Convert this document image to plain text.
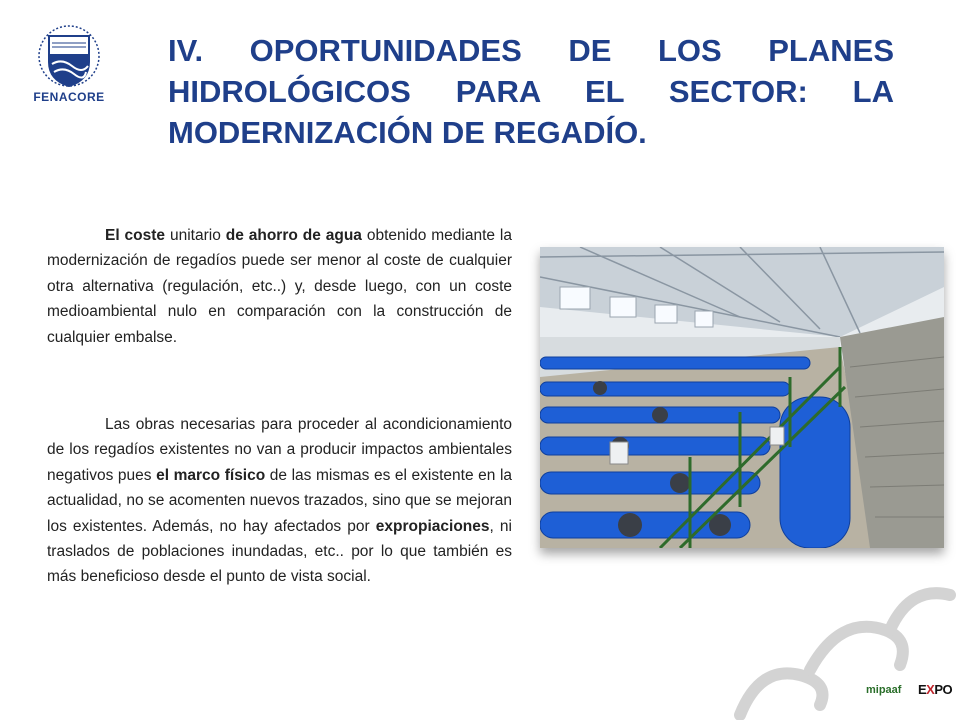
FENACORE
IV. OPORTUNIDADES DE LOS PLANES HIDROLÓGICOS PARA EL SECTOR: LA MODERNIZACIÓN DE REGADÍO.

El coste unitario de ahorro de agua obtenido mediante la modernización de regadíos puede ser menor al coste de cualquier otra alternativa (regulación, etc..) y, desde luego, con un coste medioambiental nulo en comparación con la construcción de cualquier embalse.

Las obras necesarias para proceder al acondicionamiento de los regadíos existentes no van a producir impactos ambientales negativos pues el marco físico de las mismas es el existente en la actualidad, no se acomenten nuevos trazados, sino que se mejoran los existentes. Además, no hay afectados por expropiaciones, ni traslados de poblaciones inundadas, etc.. por lo que también es más beneficioso desde el punto de vista social.

mipaaf EXPO
